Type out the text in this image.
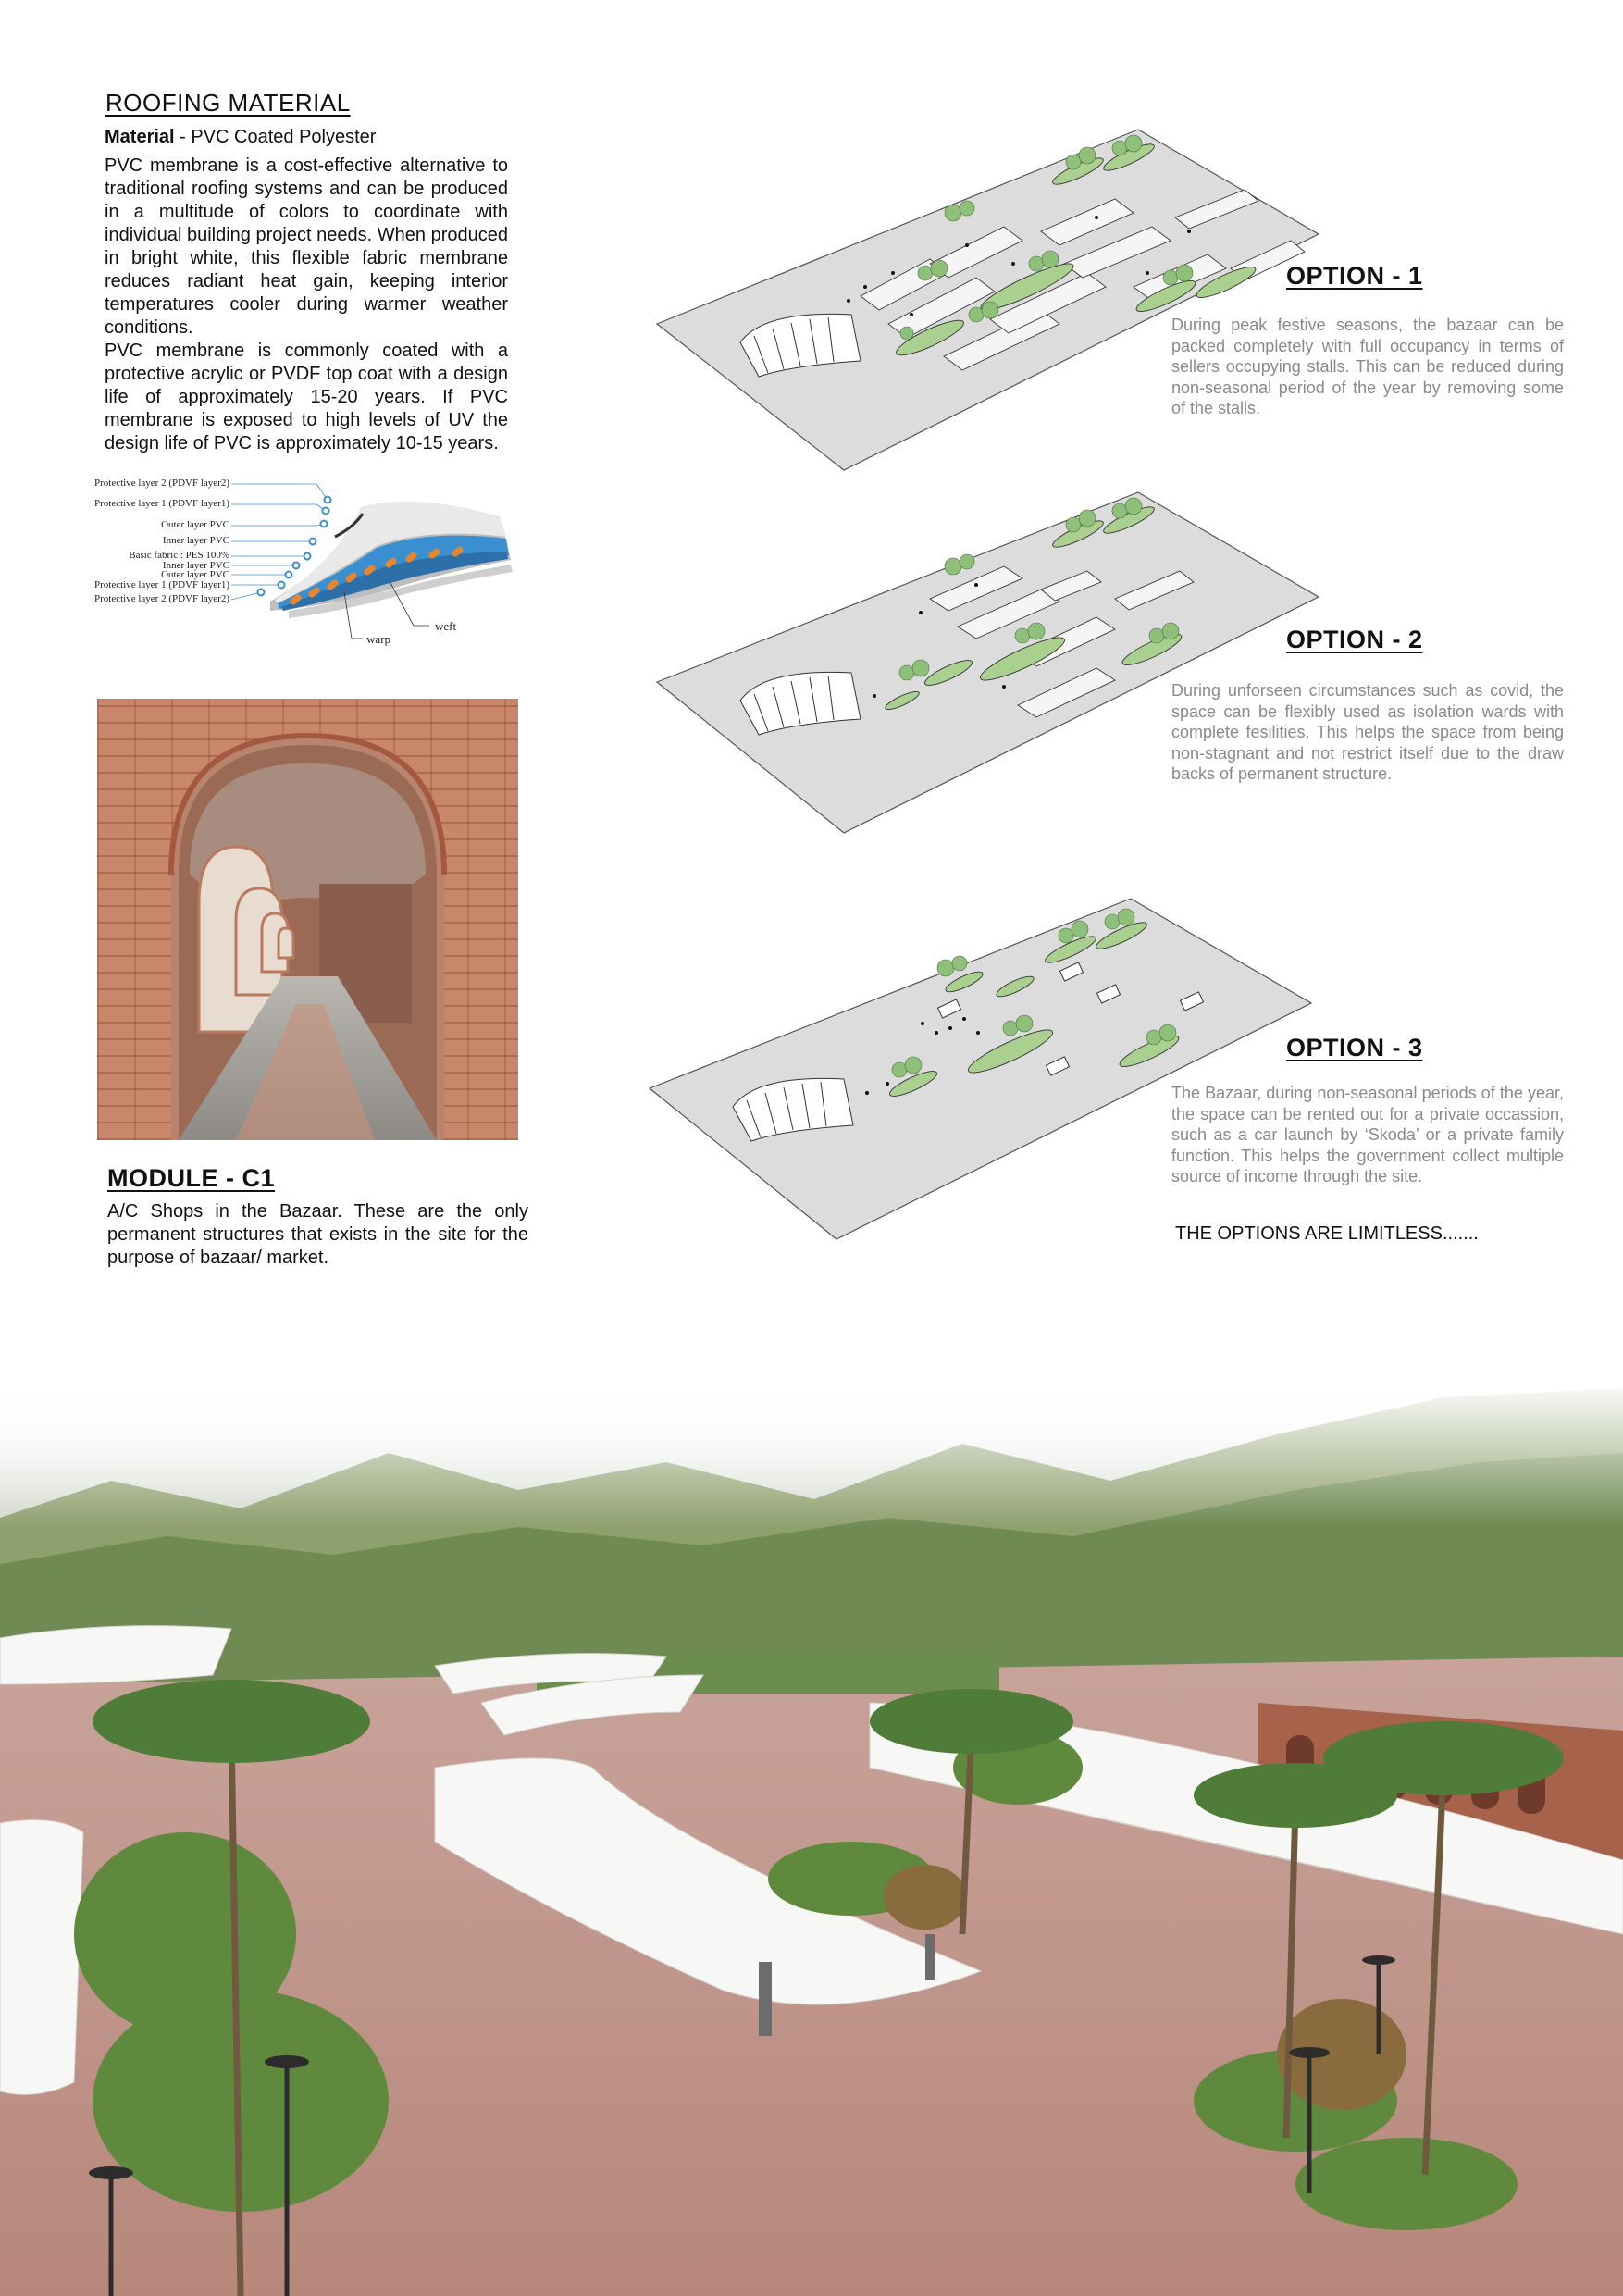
ROOFING MATERIAL
Material - PVC Coated Polyester
PVC membrane is a cost-effective alternative to traditional roofing systems and can be produced in a multitude of colors to coordinate with individual building project needs. When produced in bright white, this flexible fabric membrane reduces radiant heat gain, keeping interior temperatures cooler during warmer weather conditions.
PVC membrane is commonly coated with a protective acrylic or PVDF top coat with a design life of approximately 15-20 years. If PVC membrane is exposed to high levels of UV the design life of PVC is approximately 10-15 years.
Protective layer 2 (PDVF layer2)
Protective layer 1 (PDVF layer1)
Outer layer PVC
Inner layer PVC
Basic fabric : PES 100%
Inner layer PVC
Outer layer PVC
Protective layer 1 (PDVF layer1)
Protective layer 2 (PDVF layer2)
warp
weft
MODULE - C1
A/C Shops in the Bazaar. These are the only permanent structures that exists in the site for the purpose of bazaar/ market.
OPTION - 1
During peak festive seasons, the bazaar can be packed completely with full occupancy in terms of sellers occupying stalls. This can be reduced during non-seasonal period of the year by removing some of the stalls.
OPTION - 2
During unforseen circumstances such as covid, the space can be flexibly used as isolation wards with complete fesilities. This helps the space from being non-stagnant and not restrict itself due to the draw backs of permanent structure.
OPTION - 3
The Bazaar, during non-seasonal periods of the year, the space can be rented out for a private occassion, such as a car launch by ‘Skoda’ or a private family function. This helps the government collect multiple source of income through the site.
THE OPTIONS ARE LIMITLESS.......
